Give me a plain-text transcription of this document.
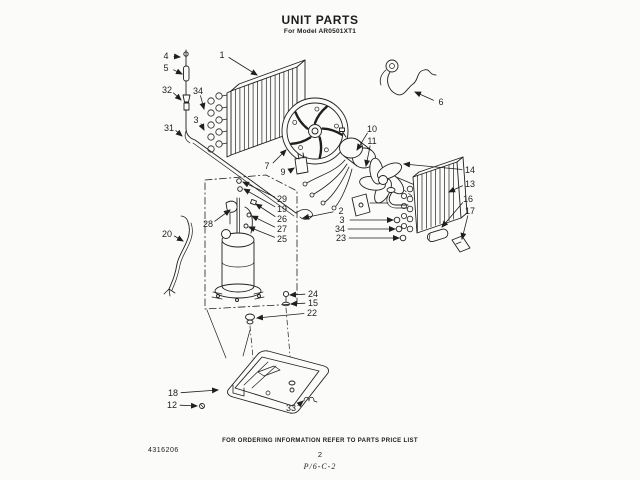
UNIT PARTS
For Model AR0501XT1
1
4
5
32 34
3
31
6
7
9
10
11
14
13
16
17
2
3
34
23
29
19
26
27
25
28
20
24
15
22
18
12	33
FOR ORDERING INFORMATION REFER TO PARTS PRICE LIST
4316206	2
P/6-C-2
